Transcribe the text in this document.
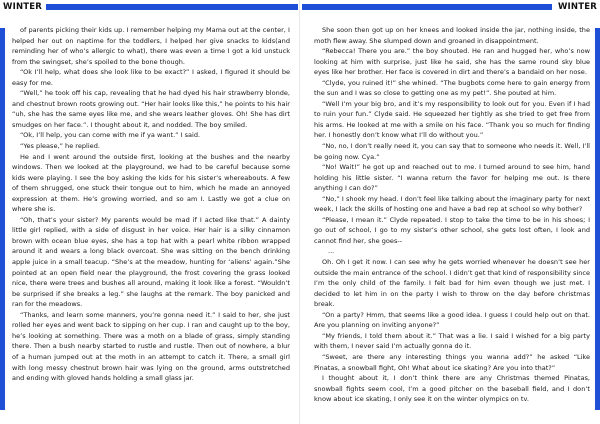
WINTER

of parents picking their kids up. I remember helping my Mama out at the center, I helped her out on naptime for the toddlers, I helped her give snacks to kids(and reminding her of who’s allergic to what), there was even a time I got a kid unstuck from the swingset, she’s spoiled to the bone though.

“Ok I’ll help, what does she look like to be exact?” I asked, I figured it should be easy for me.

“Well,” he took off his cap, revealing that he had dyed his hair strawberry blonde, and chestnut brown roots growing out. “Her hair looks like this,” he points to his hair “uh, she has the same eyes like me, and she wears leather gloves. Oh! She has dirt smudges on her face.”. I thought about it, and nodded. The boy smiled.

“Ok, I’ll help, you can come with me if ya want.” I said.

“Yes please,” he replied.

He and I went around the outside first, looking at the bushes and the nearby windows. Then we looked at the playground, we had to be careful because some kids were playing. I see the boy asking the kids for his sister’s whereabouts. A few of them shrugged, one stuck their tongue out to him, which he made an annoyed expression at them. He’s growing worried, and so am I. Lastly we got a clue on where she is.

“Oh, that’s your sister? My parents would be mad if I acted like that.” A dainty little girl replied, with a side of disgust in her voice. Her hair is a silky cinnamon brown with ocean blue eyes, she has a top hat with a pearl white ribbon wrapped around it and wears a long black overcoat. She was sitting on the bench drinking apple juice in a small teacup. “She’s at the meadow, hunting for ‘aliens’ again.”She pointed at an open field near the playground, the frost covering the grass looked nice, there were trees and bushes all around, making it look like a forest. “Wouldn’t be surprised if she breaks a leg.” she laughs at the remark. The boy panicked and ran for the meadows.

“Thanks, and learn some manners, you’re gonna need it.” I said to her, she just rolled her eyes and went back to sipping on her cup. I ran and caught up to the boy, he’s looking at something. There was a moth on a blade of grass, simply standing there. Then a bush nearby started to rustle and rustle. Then out of nowhere, a blur of a human jumped out at the moth in an attempt to catch it. There, a small girl with long messy chestnut brown hair was lying on the ground, arms outstretched and ending with gloved hands holding a small glass jar.

WINTER

She soon then got up on her knees and looked inside the jar, nothing inside, the moth flew away. She slumped down and groaned in disappointment.

“Rebecca! There you are.” the boy shouted. He ran and hugged her, who’s now looking at him with surprise, just like he said, she has the same round sky blue eyes like her brother. Her face is covered in dirt and there’s a bandaid on her nose.

“Clyde, you ruined it!” she whined. “The bugbots come here to gain energy from the sun and I was so close to getting one as my pet!”. She pouted at him.

“Well I’m your big bro, and it’s my responsibility to look out for you. Even if I had to ruin your fun.” Clyde said. He squeezed her tightly as she tried to get free from his arms. He looked at me with a smile on his face. “Thank you so much for finding her. I honestly don’t know what I’ll do without you.”

“No, no, I don’t really need it, you can say that to someone who needs it. Well, I’ll be going now. Cya.”

“No! Wait!” he got up and reached out to me. I turned around to see him, hand holding his little sister. “I wanna return the favor for helping me out. Is there anything I can do?”

“No,” I shook my head. I don’t feel like talking about the imaginary party for next week, I lack the skills of hosting one and have a bad rep at school so why bother?

“Please, I mean it.” Clyde repeated. I stop to take the time to be in his shoes; I go out of school, I go to my sister’s other school, she gets lost often, I look and cannot find her, she goes--

...

Oh. Oh I get it now. I can see why he gets worried whenever he doesn’t see her outside the main entrance of the school. I didn’t get that kind of responsibility since I’m the only child of the family. I felt bad for him even though we just met. I decided to let him in on the party I wish to throw on the day before christmas break.

“On a party? Hmm, that seems like a good idea. I guess I could help out on that. Are you planning on inviting anyone?”

“My friends, I told them about it.” That was a lie. I said I wished for a big party with them, I never said I’m actually gonna do it.

“Sweet, are there any interesting things you wanna add?” he asked “Like Pinatas, a snowball fight, Oh! What about ice skating? Are you into that?”

I thought about it, I don’t think there are any Christmas themed Pinatas, snowball fights seem cool, I’m a good pitcher on the baseball field, and I don’t know about ice skating, I only see it on the winter olympics on tv.
